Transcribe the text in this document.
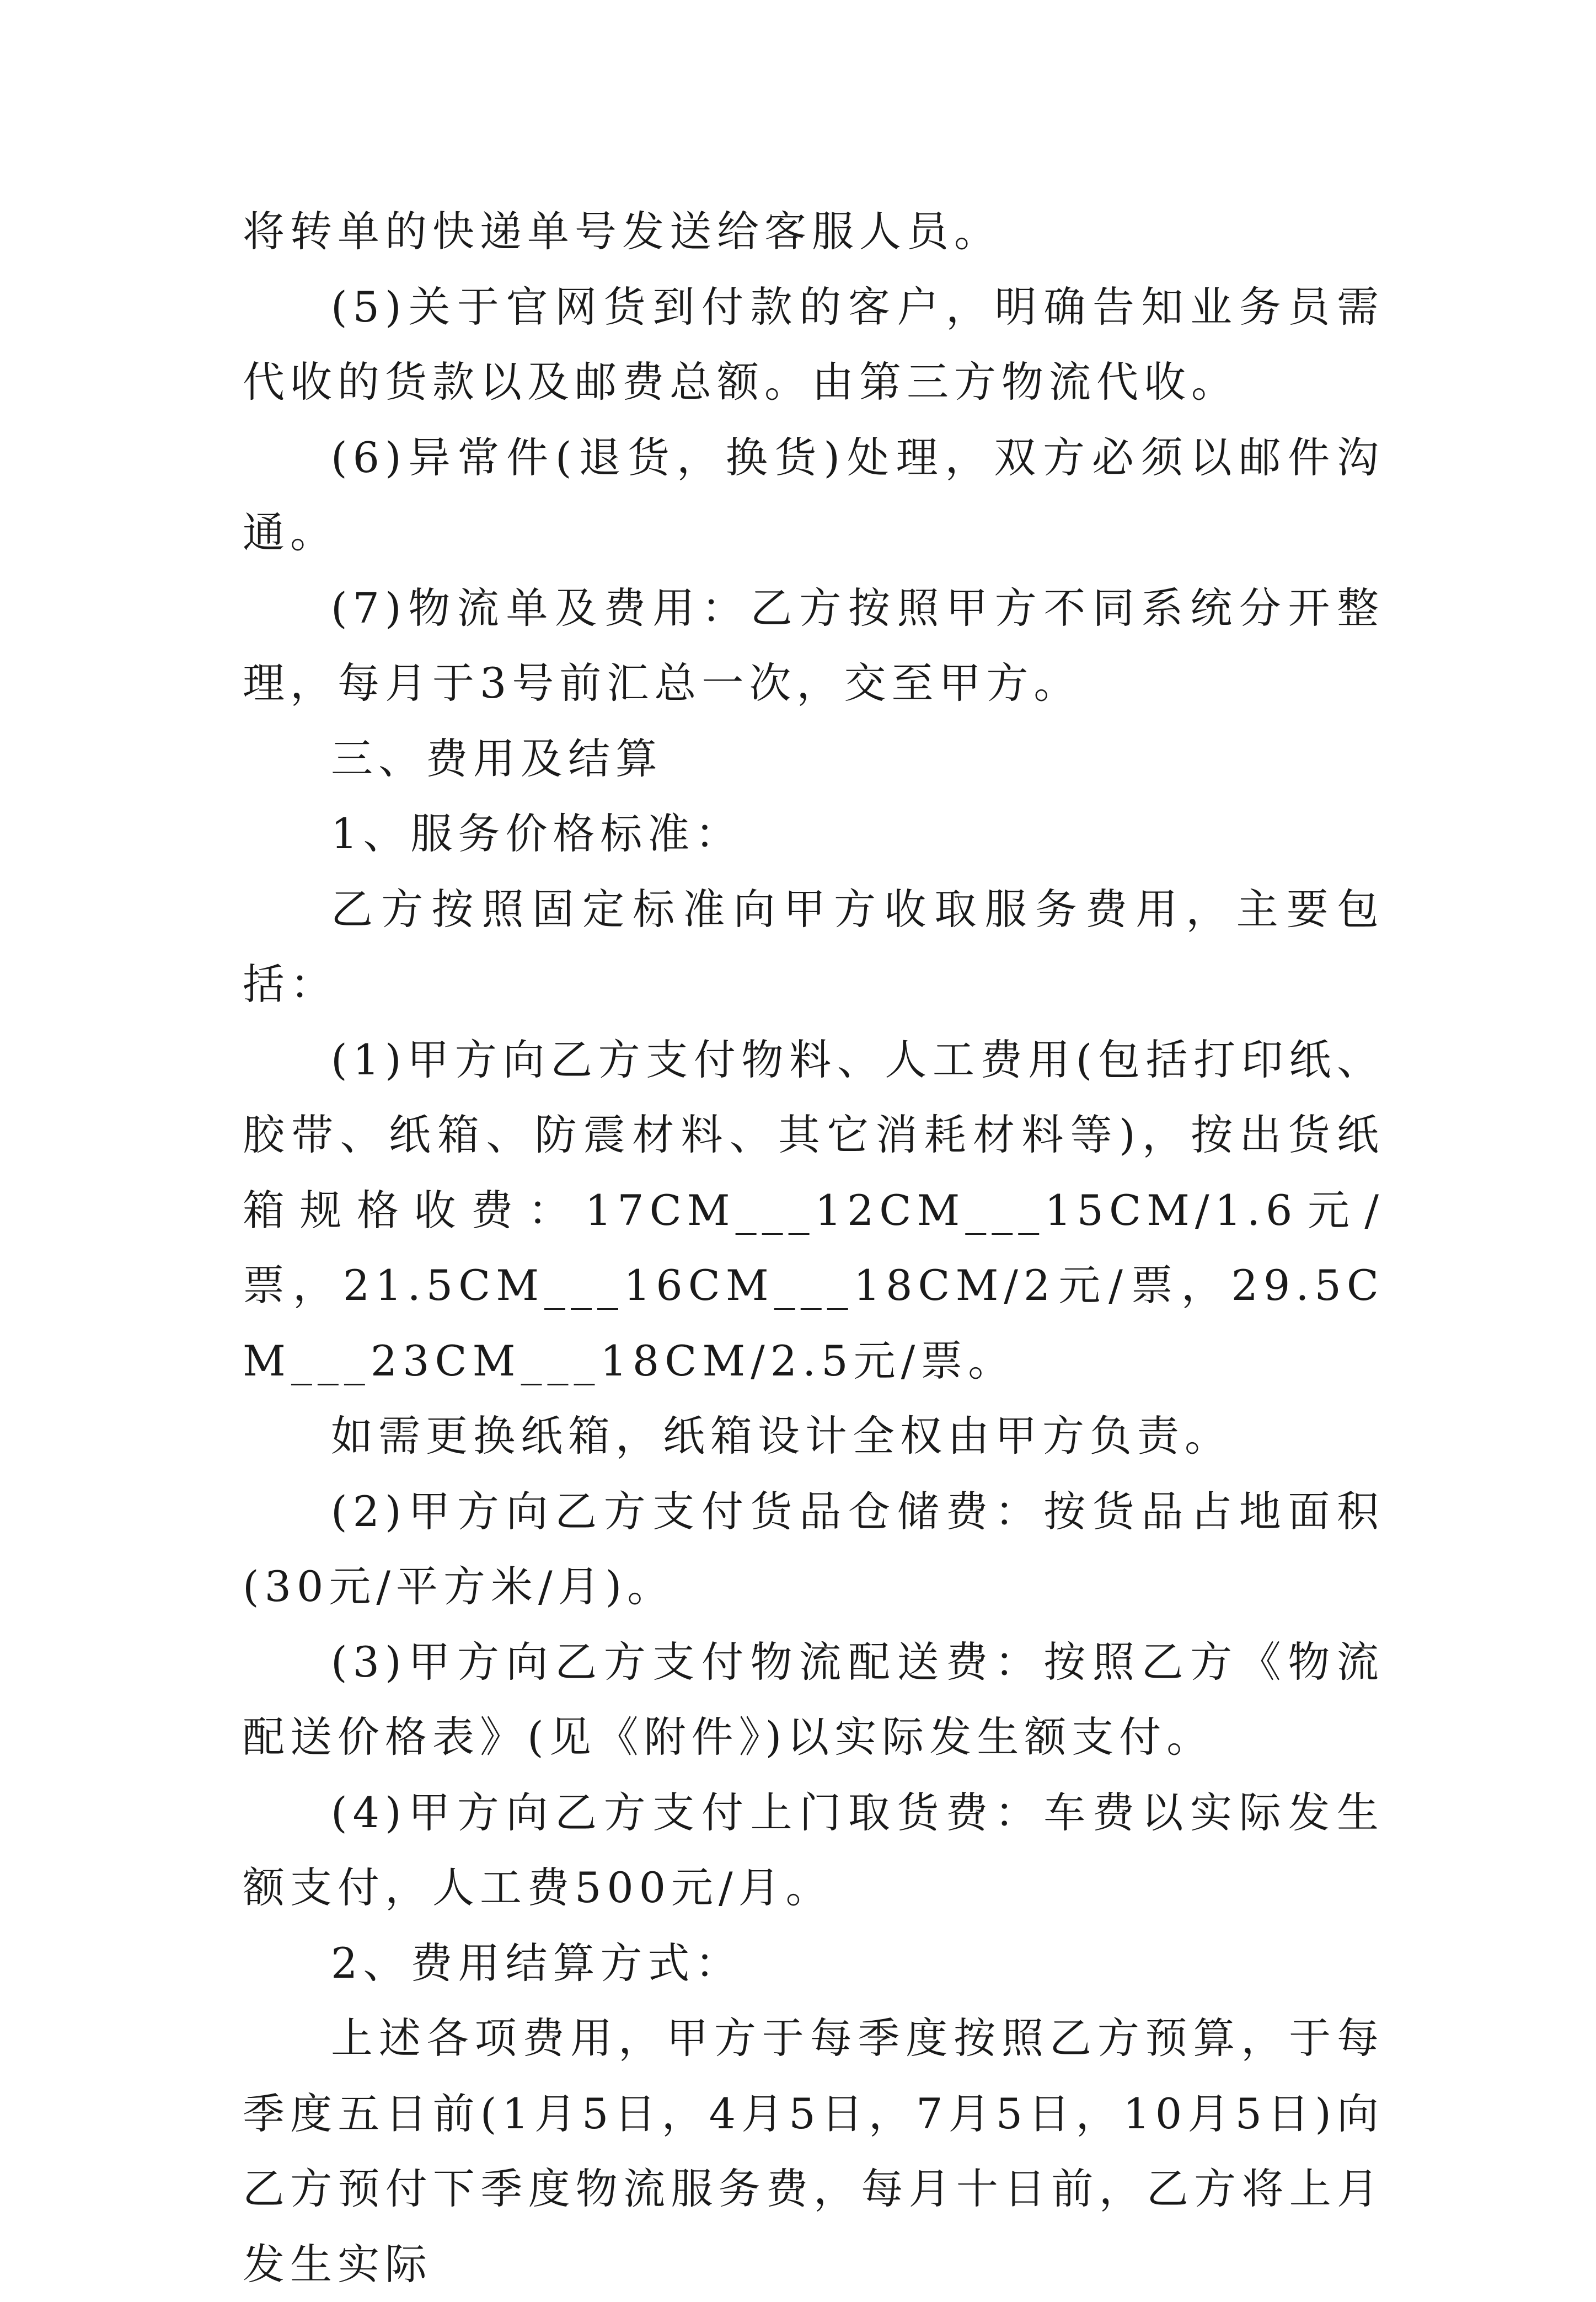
将转单的快递单号发送给客服人员。

(5)关于官网货到付款的客户，明确告知业务员需代收的货款以及邮费总额。由第三方物流代收。

(6)异常件(退货，换货)处理，双方必须以邮件沟通。

(7)物流单及费用：乙方按照甲方不同系统分开整理，每月于3号前汇总一次，交至甲方。

三、费用及结算

1、服务价格标准：

乙方按照固定标准向甲方收取服务费用，主要包括：

(1)甲方向乙方支付物料、人工费用(包括打印纸、胶带、纸箱、防震材料、其它消耗材料等)，按出货纸箱规格收费：17CM___12CM___15CM/1.6元/票，21.5CM___16CM___18CM/2元/票，29.5CM___23CM___18CM/2.5元/票。

如需更换纸箱，纸箱设计全权由甲方负责。

(2)甲方向乙方支付货品仓储费：按货品占地面积(30元/平方米/月)。

(3)甲方向乙方支付物流配送费：按照乙方《物流配送价格表》(见《附件》)以实际发生额支付。

(4)甲方向乙方支付上门取货费：车费以实际发生额支付，人工费500元/月。

2、费用结算方式：

上述各项费用，甲方于每季度按照乙方预算，于每季度五日前(1月5日，4月5日，7月5日，10月5日)向乙方预付下季度物流服务费，每月十日前，乙方将上月发生实际
